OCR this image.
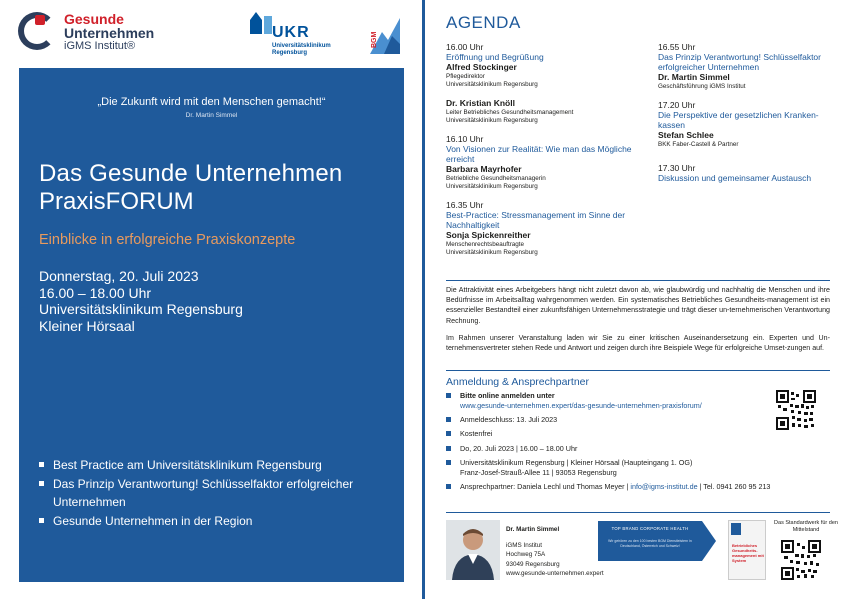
Gesunde
Unternehmen
iGMS Institut®
UKR
Universitätsklinikum
Regensburg
BGM
„Die Zukunft wird mit den Menschen gemacht!“
Dr. Martin Simmel
Das Gesunde Unternehmen
PraxisFORUM
Einblicke in erfolgreiche Praxiskonzepte
Donnerstag, 20. Juli 2023
16.00 – 18.00 Uhr
Universitätsklinikum Regensburg
Kleiner Hörsaal
Best Practice am Universitätsklinikum Regensburg
Das Prinzip Verantwortung! Schlüsselfaktor erfolgreicher Unternehmen
Gesunde Unternehmen in der Region
AGENDA
16.00 Uhr
Eröffnung und Begrüßung
Alfred Stockinger
Pflegedirektor
Universitätsklinikum Regensburg
Dr. Kristian Knöll
Leiter Betriebliches Gesundheitsmanagement
Universitätsklinikum Regensburg
16.10 Uhr
Von Visionen zur Realität: Wie man das Mögliche erreicht
Barbara Mayrhofer
Betriebliche Gesundheitsmanagerin
Universitätsklinikum Regensburg
16.35 Uhr
Best-Practice: Stressmanagement im Sinne der Nachhaltigkeit
Sonja Spickenreither
Menschenrechtsbeauftragte
Universitätsklinikum Regensburg
16.55 Uhr
Das Prinzip Verantwortung! Schlüsselfaktor erfolgreicher Unternehmen
Dr. Martin Simmel
Geschäftsführung iGMS Institut
17.20 Uhr
Die Perspektive der gesetzlichen Kranken-kassen
Stefan Schlee
BKK Faber-Castell & Partner
17.30 Uhr
Diskussion und gemeinsamer Austausch
Die Attraktivität eines Arbeitgebers hängt nicht zuletzt davon ab, wie glaubwürdig und nachhaltig die Menschen und ihre Bedürfnisse im Arbeitsalltag wahrgenommen werden. Ein systematisches Betriebliches Gesundheits-management ist ein essenzieller Bestandteil einer zukunftsfähigen Unternehmensstrategie und trägt dieser un-ternehmerischen Verantwortung Rechnung.
Im Rahmen unserer Veranstaltung laden wir Sie zu einer kritischen Auseinandersetzung ein. Experten und Un-ternehmensvertreter stehen Rede und Antwort und zeigen durch ihre Beispiele Wege für erfolgreiche Umset-zungen auf.
Anmeldung & Ansprechpartner
Bitte online anmelden unter
www.gesunde-unternehmen.expert/das-gesunde-unternehmen-praxisforum/
Anmeldeschluss: 13. Juli 2023
Kostenfrei
Do, 20. Juli 2023 | 16.00 – 18.00 Uhr
Universitätsklinikum Regensburg | Kleiner Hörsaal (Haupteingang 1. OG)
Franz-Josef-Strauß-Allee 11 | 93053 Regensburg
Ansprechpartner: Daniela Lechl und Thomas Meyer | info@igms-institut.de | Tel. 0941 260 95 213
Dr. Martin Simmel
iGMS Institut
Hochweg 75A
93049 Regensburg
www.gesunde-unternehmen.expert
TOP BRAND CORPORATE HEALTH
Wir gehören zu den 100 besten BGM Dienstleistern in Deutschland, Österreich und Schweiz!	Betriebliches Gesundheits-management mit System
Das Standardwerk für den Mittelstand
